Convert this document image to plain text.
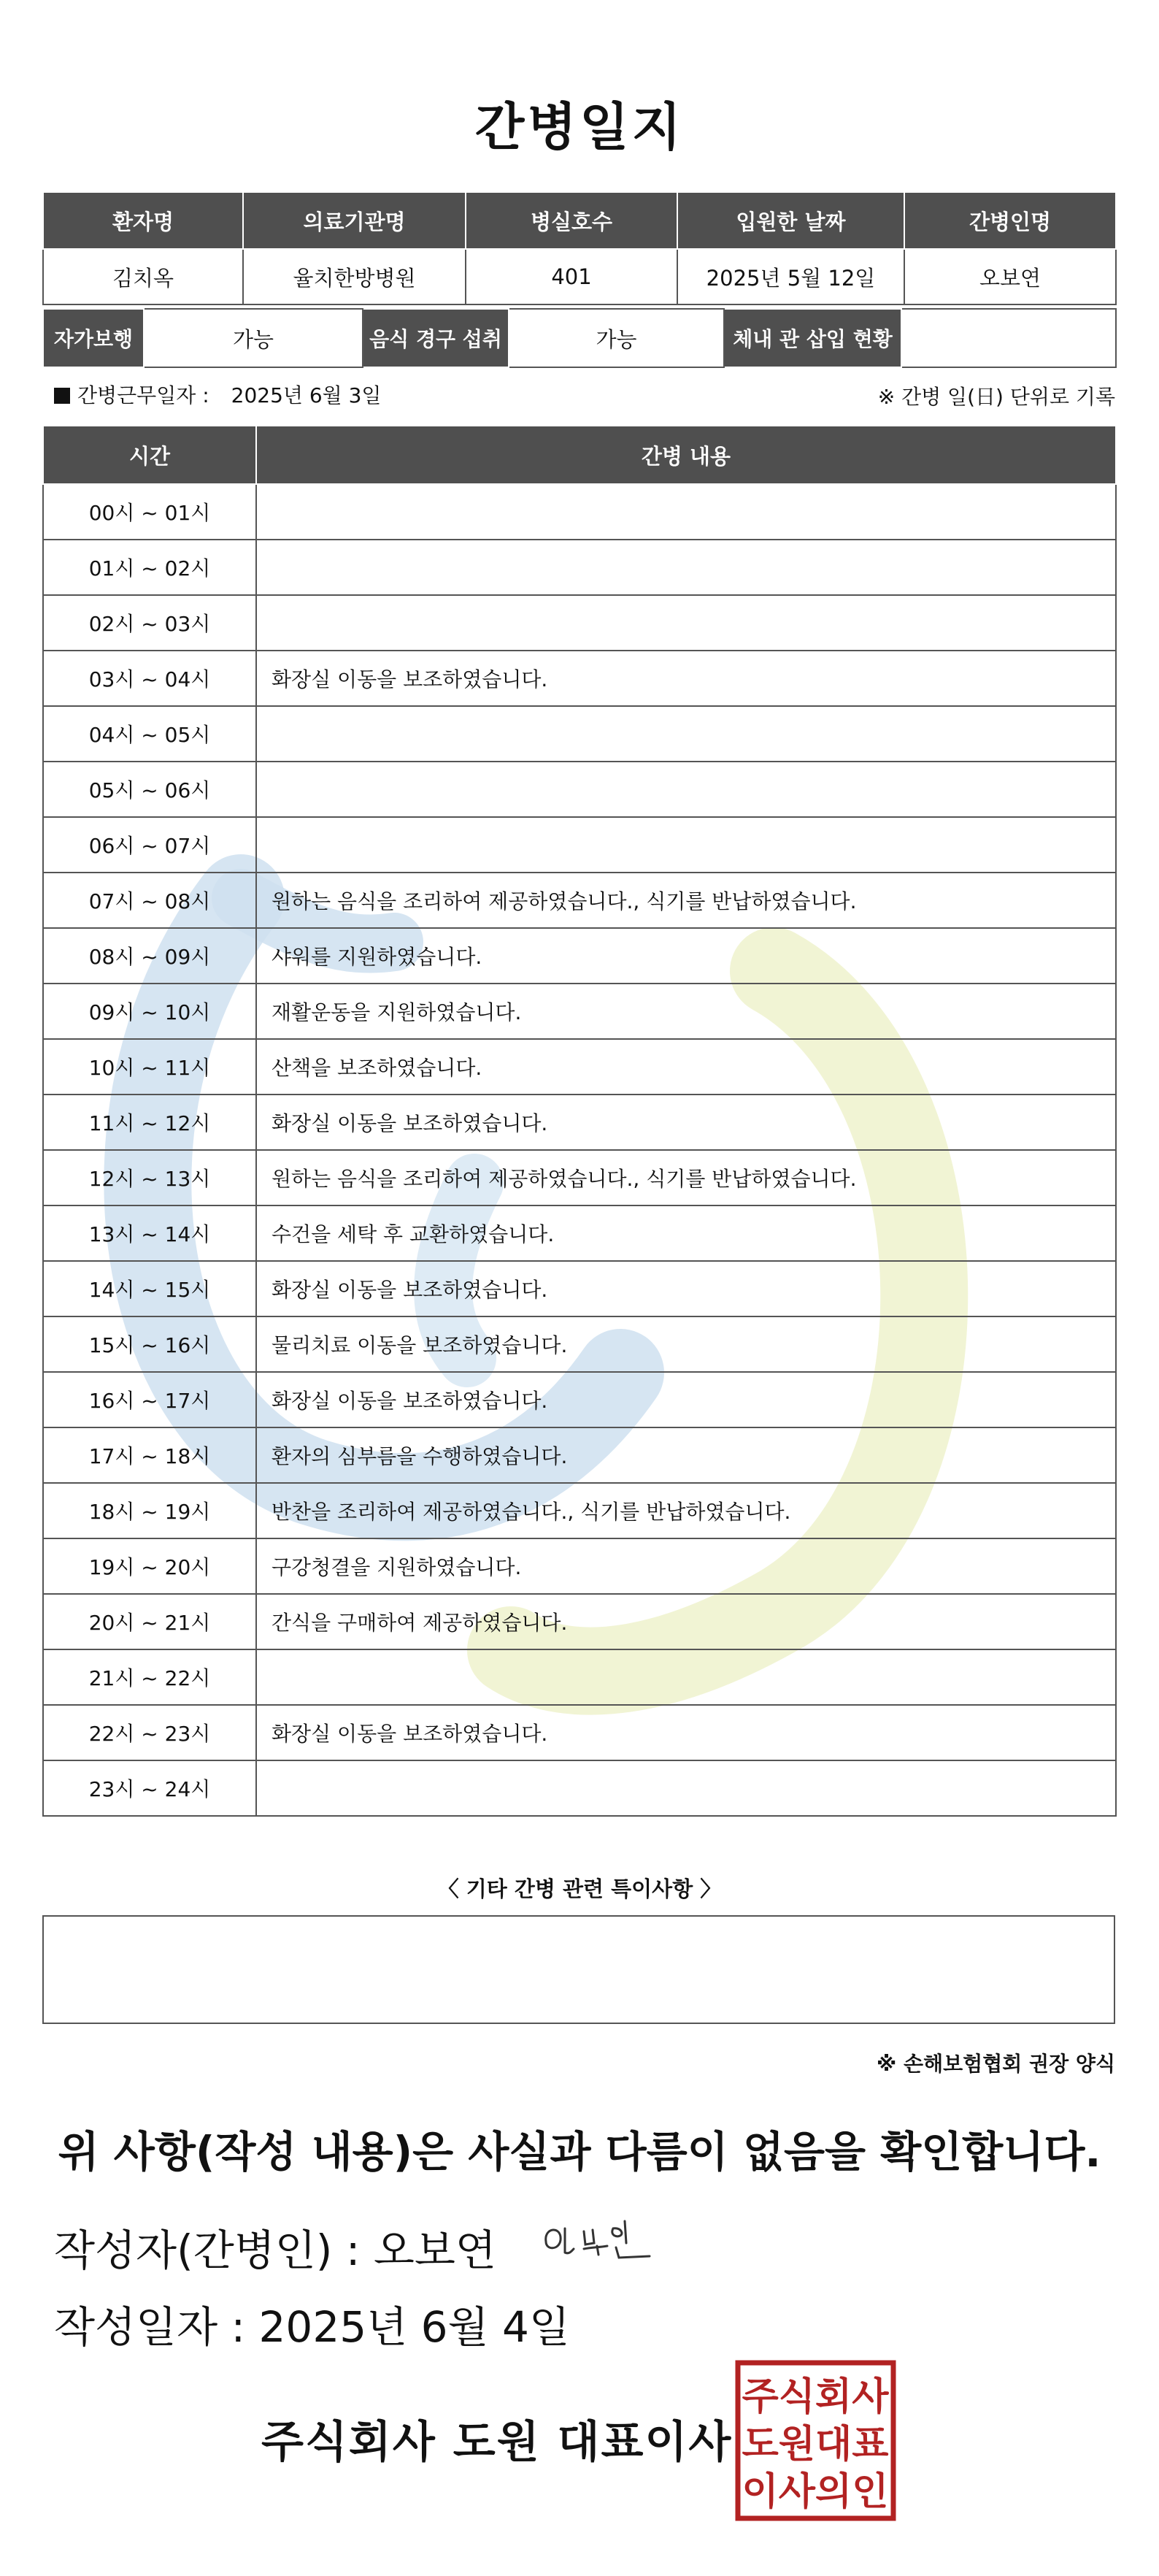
간병일지
환자명	의료기관명	병실호수	입원한 날짜	간병인명
김치옥	율치한방병원	401	2025년 5월 12일	오보연
자가보행	가능	음식 경구 섭취	가능	체내 관 삽입 현황	
간병근무일자 : 2025년 6월 3일	※ 간병 일(日) 단위로 기록
시간	간병 내용
00시 ~ 01시	
01시 ~ 02시	
02시 ~ 03시	
03시 ~ 04시	화장실 이동을 보조하였습니다.
04시 ~ 05시	
05시 ~ 06시	
06시 ~ 07시	
07시 ~ 08시	원하는 음식을 조리하여 제공하였습니다., 식기를 반납하였습니다.
08시 ~ 09시	샤워를 지원하였습니다.
09시 ~ 10시	재활운동을 지원하였습니다.
10시 ~ 11시	산책을 보조하였습니다.
11시 ~ 12시	화장실 이동을 보조하였습니다.
12시 ~ 13시	원하는 음식을 조리하여 제공하였습니다., 식기를 반납하였습니다.
13시 ~ 14시	수건을 세탁 후 교환하였습니다.
14시 ~ 15시	화장실 이동을 보조하였습니다.
15시 ~ 16시	물리치료 이동을 보조하였습니다.
16시 ~ 17시	화장실 이동을 보조하였습니다.
17시 ~ 18시	환자의 심부름을 수행하였습니다.
18시 ~ 19시	반찬을 조리하여 제공하였습니다., 식기를 반납하였습니다.
19시 ~ 20시	구강청결을 지원하였습니다.
20시 ~ 21시	간식을 구매하여 제공하였습니다.
21시 ~ 22시	
22시 ~ 23시	화장실 이동을 보조하였습니다.
23시 ~ 24시	
〈 기타 간병 관련 특이사항 〉
※ 손해보험협회 권장 양식
위 사항(작성 내용)은 사실과 다름이 없음을 확인합니다.
작성자(간병인) : 오보연
작성일자 : 2025년 6월 4일
주식회사 도원 대표이사
주식회사
도원대표
이사의인
